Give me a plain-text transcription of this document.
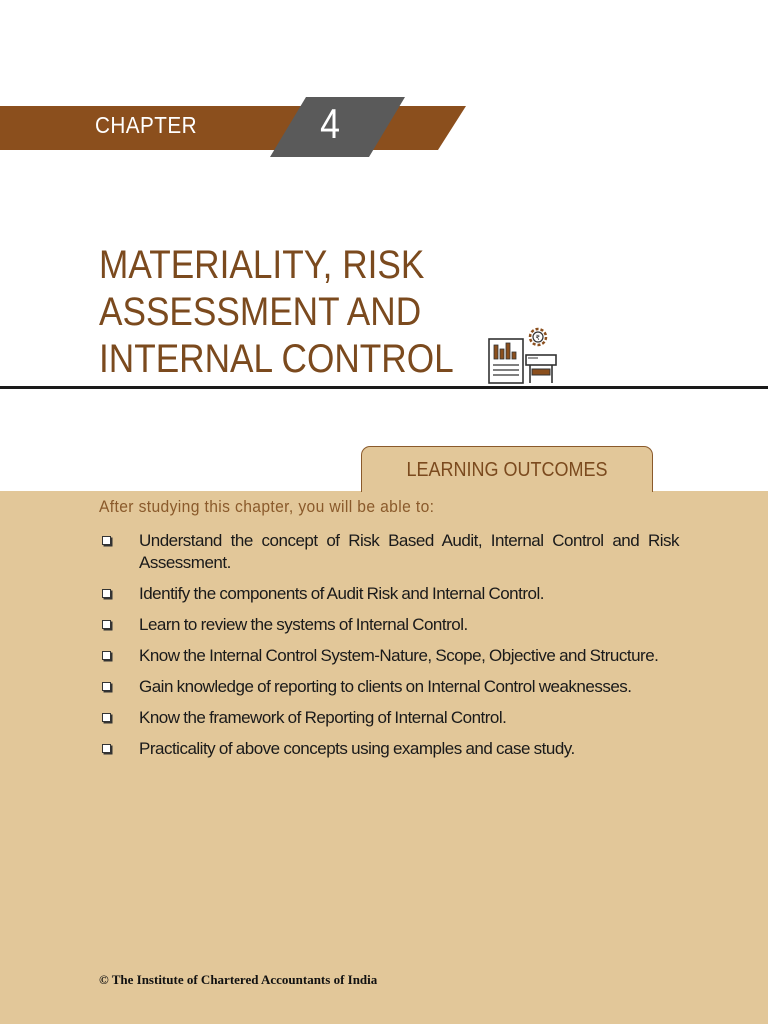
CHAPTER	4
MATERIALITY, RISK
ASSESSMENT AND
INTERNAL CONTROL	₹
LEARNING OUTCOMES
After studying this chapter, you will be able to:
Understand the concept of Risk Based Audit, Internal Control and Risk Assessment.
Identify the components of Audit Risk and Internal Control.
Learn to review the systems of Internal Control.
Know the Internal Control System-Nature, Scope, Objective and Structure.
Gain knowledge of reporting to clients on Internal Control weaknesses.
Know the framework of Reporting of Internal Control.
Practicality of above concepts using examples and case study.
© The Institute of Chartered Accountants of India
